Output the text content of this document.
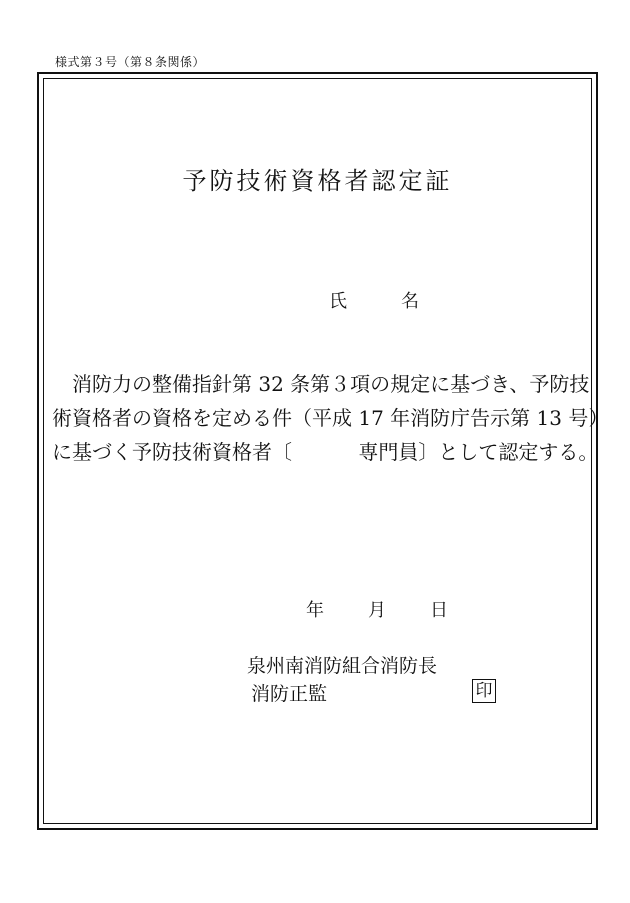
様式第３号（第８条関係）
予防技術資格者認定証
氏　名

　消防力の整備指針第 32 条第３項の規定に基づき、予防技

術資格者の資格を定める件（平成 17 年消防庁告示第 13 号）

に基づく予防技術資格者〔　　　 専門員〕として認定する。

年	月	日
泉州南消防組合消防長
消防正監	印
